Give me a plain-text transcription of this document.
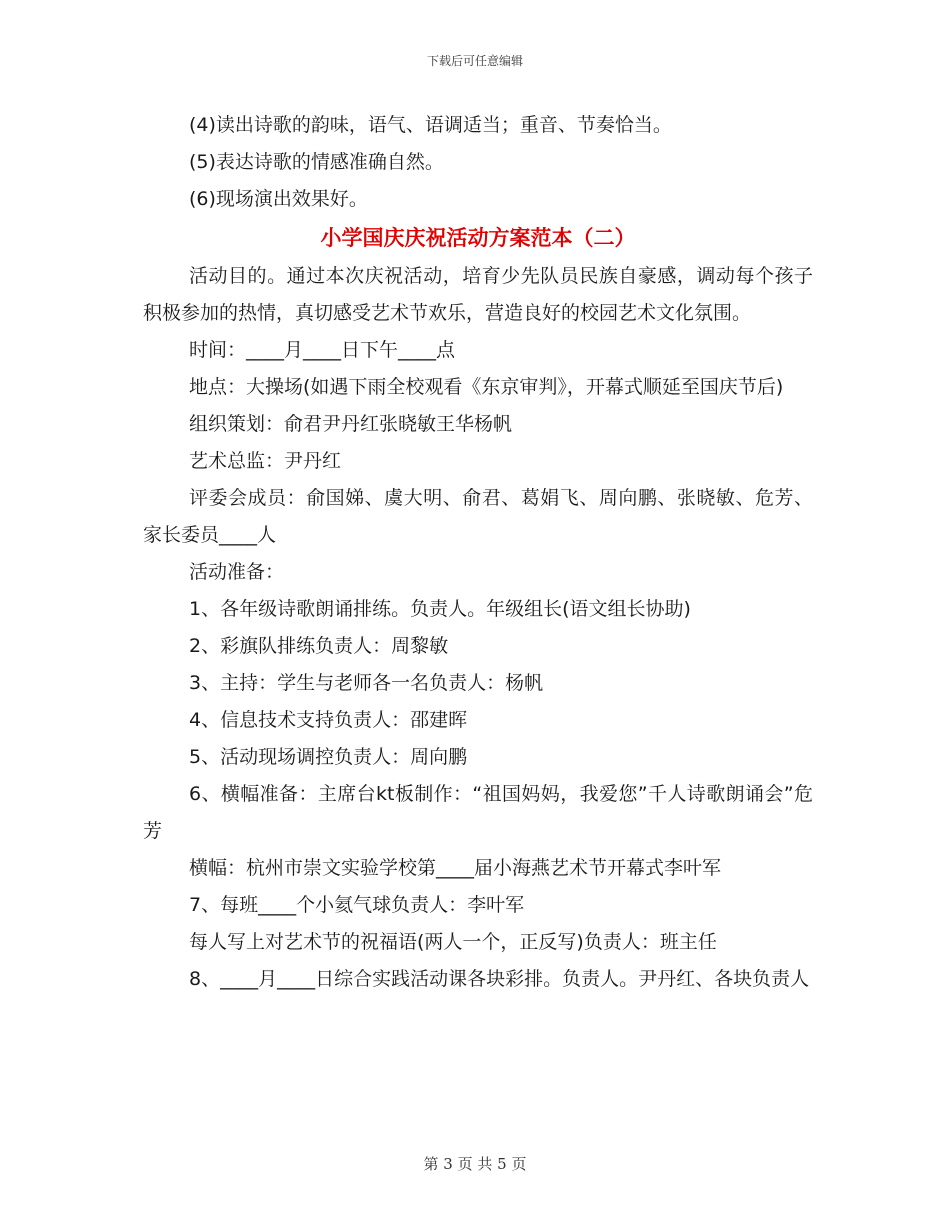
下载后可任意编辑

(4)读出诗歌的韵味，语气、语调适当；重音、节奏恰当。

(5)表达诗歌的情感准确自然。

(6)现场演出效果好。

小学国庆庆祝活动方案范本（二）

活动目的。通过本次庆祝活动，培育少先队员民族自豪感，调动每个孩子积极参加的热情，真切感受艺术节欢乐，营造良好的校园艺术文化氛围。

时间：____月____日下午____点

地点：大操场(如遇下雨全校观看《东京审判》，开幕式顺延至国庆节后)

组织策划：俞君尹丹红张晓敏王华杨帆

艺术总监：尹丹红

评委会成员：俞国娣、虞大明、俞君、葛娟飞、周向鹏、张晓敏、危芳、家长委员____人

活动准备：

1、各年级诗歌朗诵排练。负责人。年级组长(语文组长协助)

2、彩旗队排练负责人：周黎敏

3、主持：学生与老师各一名负责人：杨帆

4、信息技术支持负责人：邵建晖

5、活动现场调控负责人：周向鹏

6、横幅准备：主席台kt板制作：“祖国妈妈，我爱您”千人诗歌朗诵会”危芳

横幅：杭州市崇文实验学校第____届小海燕艺术节开幕式李叶军

7、每班____个小氦气球负责人：李叶军

每人写上对艺术节的祝福语(两人一个，正反写)负责人：班主任

8、____月____日综合实践活动课各块彩排。负责人。尹丹红、各块负责人

第 3 页 共 5 页
